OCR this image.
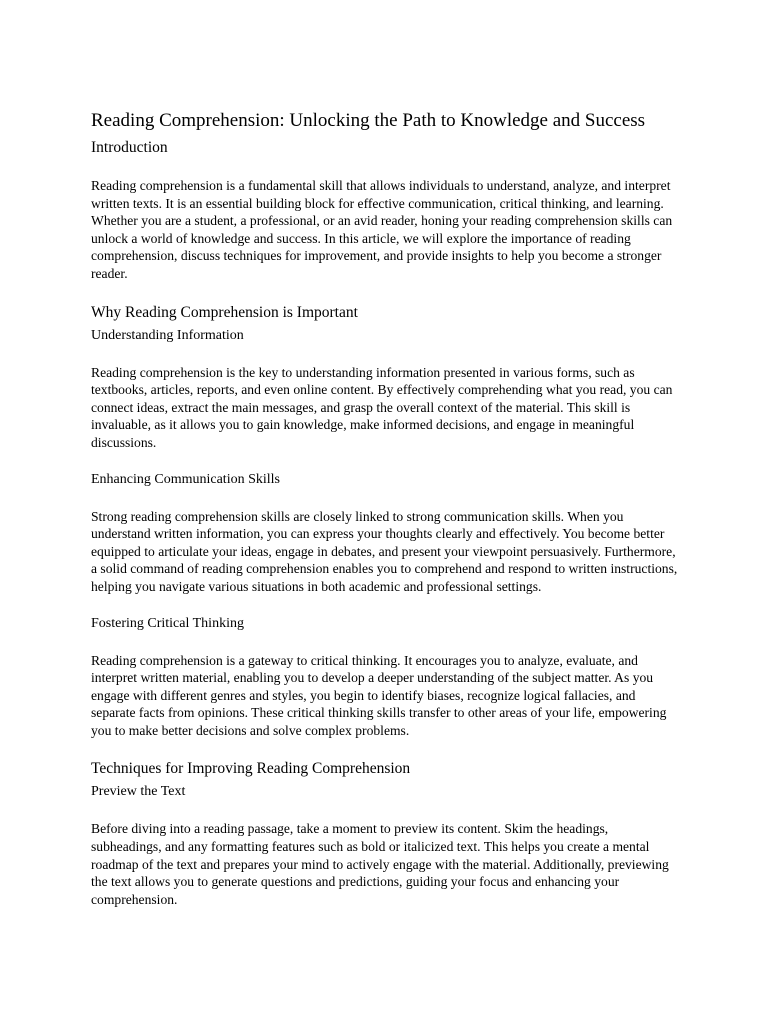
Reading Comprehension: Unlocking the Path to Knowledge and Success
Introduction

Reading comprehension is a fundamental skill that allows individuals to understand, analyze, and interpret written texts. It is an essential building block for effective communication, critical thinking, and learning. Whether you are a student, a professional, or an avid reader, honing your reading comprehension skills can unlock a world of knowledge and success. In this article, we will explore the importance of reading comprehension, discuss techniques for improvement, and provide insights to help you become a stronger reader.

Why Reading Comprehension is Important
Understanding Information

Reading comprehension is the key to understanding information presented in various forms, such as textbooks, articles, reports, and even online content. By effectively comprehending what you read, you can connect ideas, extract the main messages, and grasp the overall context of the material. This skill is invaluable, as it allows you to gain knowledge, make informed decisions, and engage in meaningful discussions.

Enhancing Communication Skills

Strong reading comprehension skills are closely linked to strong communication skills. When you understand written information, you can express your thoughts clearly and effectively. You become better equipped to articulate your ideas, engage in debates, and present your viewpoint persuasively. Furthermore, a solid command of reading comprehension enables you to comprehend and respond to written instructions, helping you navigate various situations in both academic and professional settings.

Fostering Critical Thinking

Reading comprehension is a gateway to critical thinking. It encourages you to analyze, evaluate, and interpret written material, enabling you to develop a deeper understanding of the subject matter. As you engage with different genres and styles, you begin to identify biases, recognize logical fallacies, and separate facts from opinions. These critical thinking skills transfer to other areas of your life, empowering you to make better decisions and solve complex problems.

Techniques for Improving Reading Comprehension
Preview the Text

Before diving into a reading passage, take a moment to preview its content. Skim the headings, subheadings, and any formatting features such as bold or italicized text. This helps you create a mental roadmap of the text and prepares your mind to actively engage with the material. Additionally, previewing the text allows you to generate questions and predictions, guiding your focus and enhancing your comprehension.
